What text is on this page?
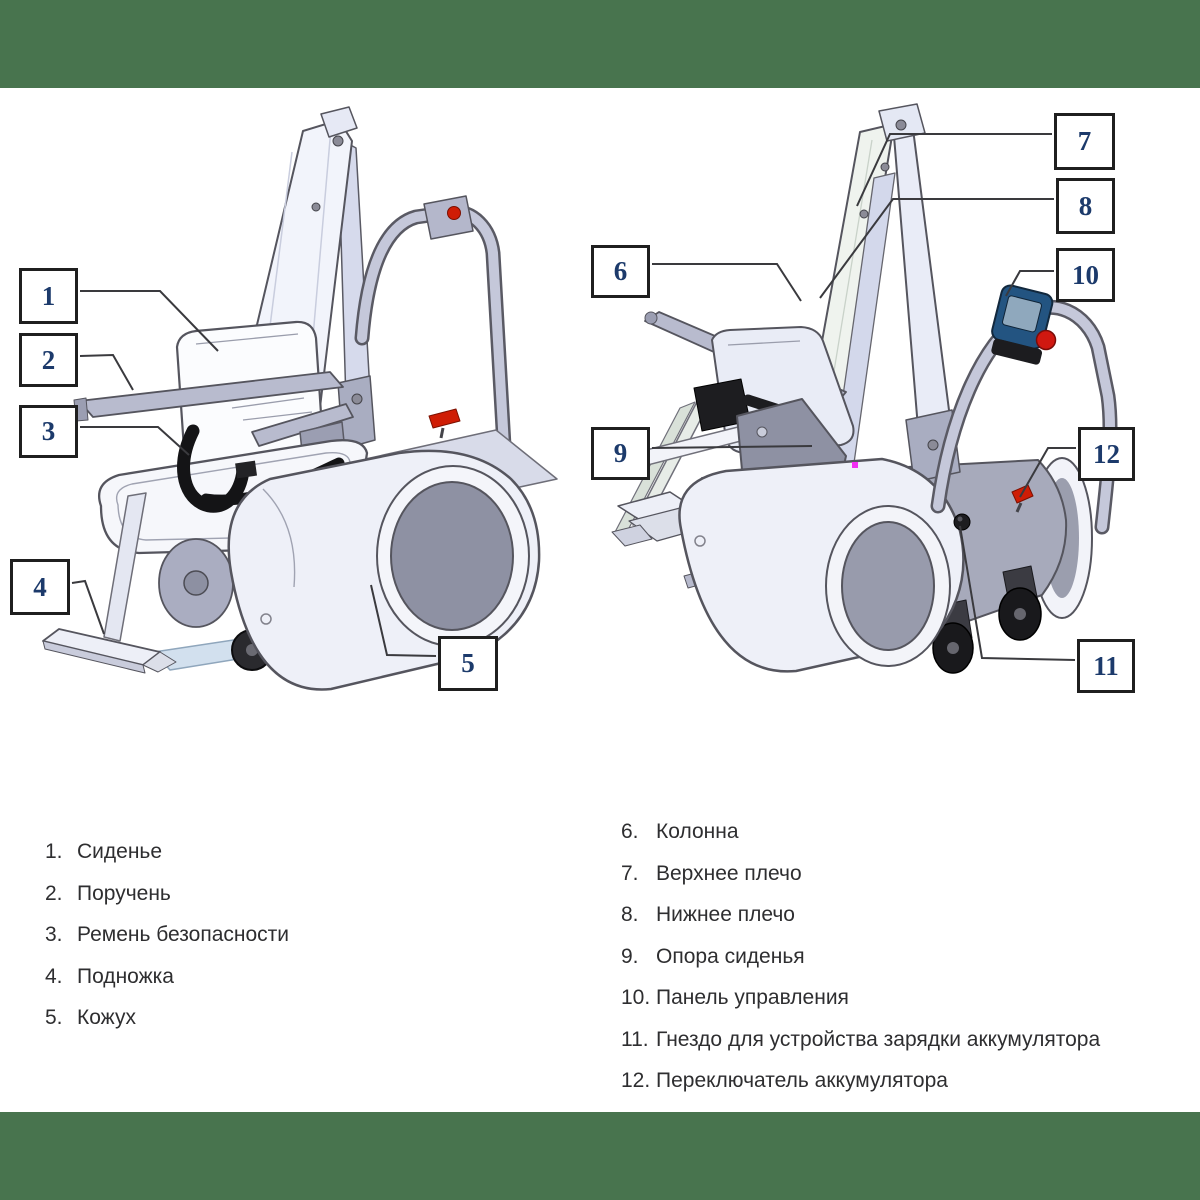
1
2
3
4
5
6
7
8
9
10
11
12
1. Сиденье
2. Поручень
3. Ремень безопасности
4. Подножка
5. Кожух
6. Колонна
7. Верхнее плечо
8. Нижнее плечо
9. Опора сиденья
10. Панель управления
11. Гнездо для устройства зарядки аккумулятора
12. Переключатель аккумулятора
